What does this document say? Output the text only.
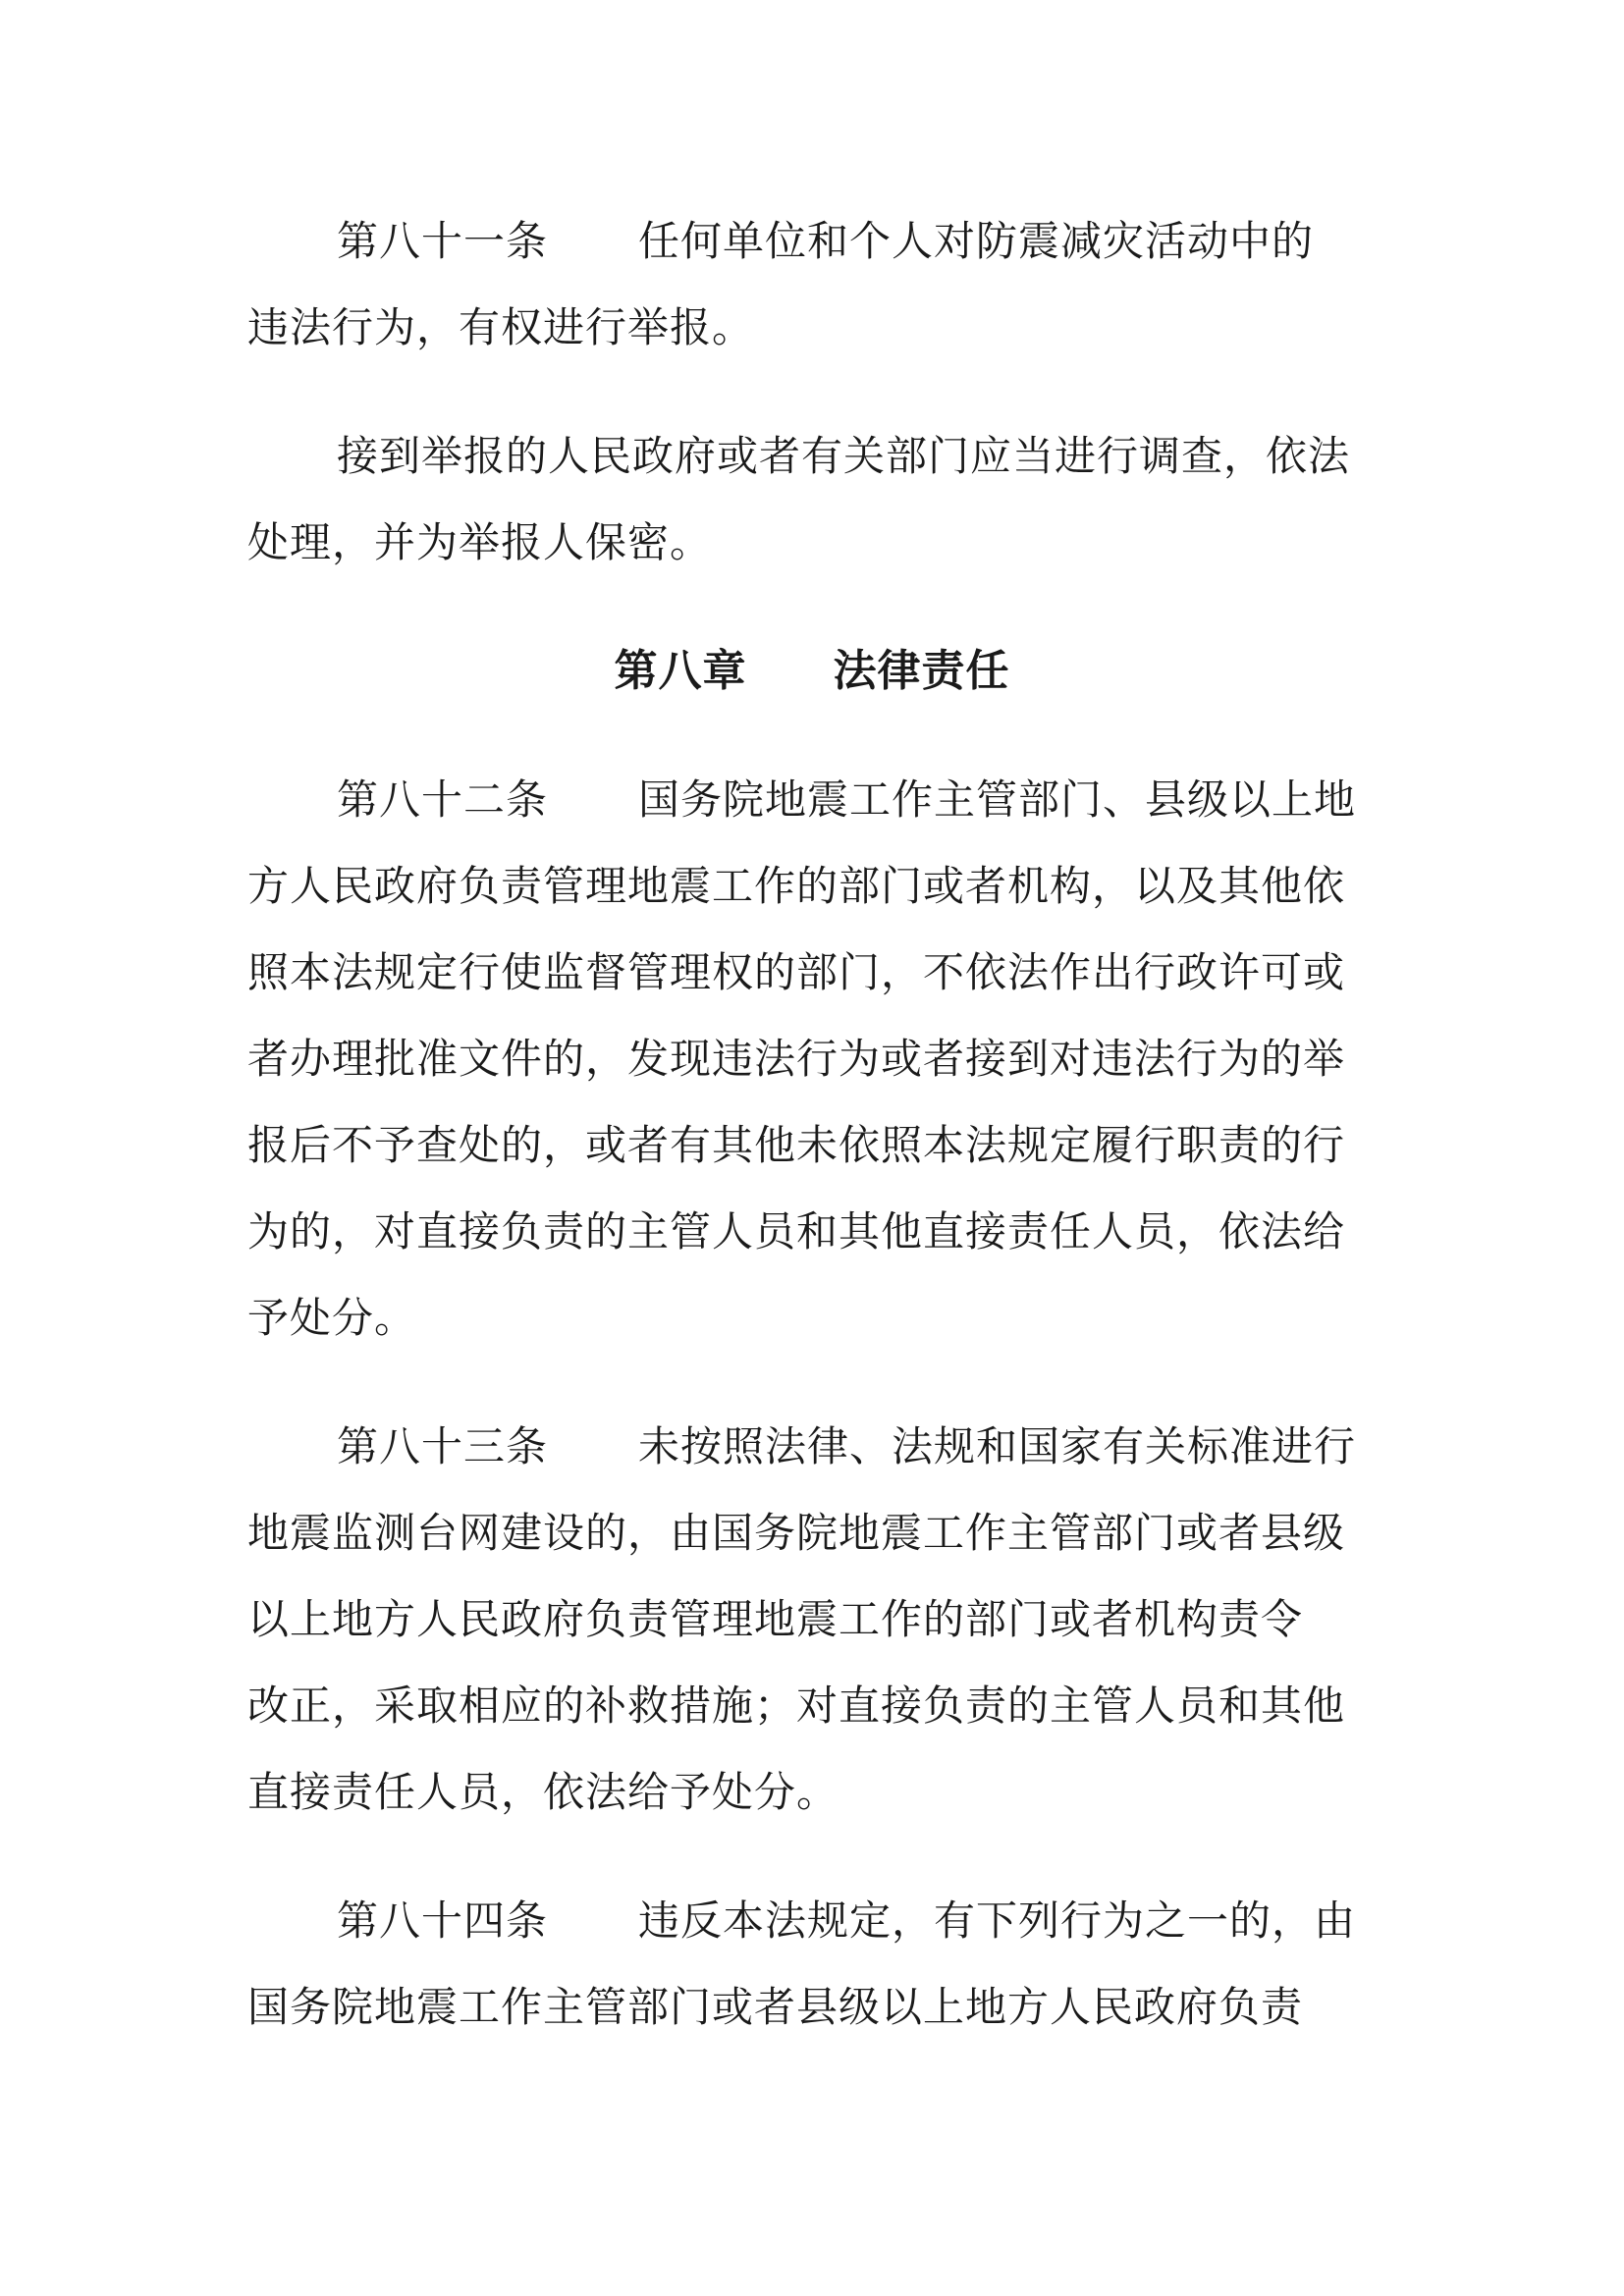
第八十一条 任何单位和个人对防震减灾活动中的
违法行为，有权进行举报。
接到举报的人民政府或者有关部门应当进行调查，依法
处理，并为举报人保密。
第八章 法律责任
第八十二条 国务院地震工作主管部门、县级以上地
方人民政府负责管理地震工作的部门或者机构，以及其他依
照本法规定行使监督管理权的部门，不依法作出行政许可或
者办理批准文件的，发现违法行为或者接到对违法行为的举
报后不予查处的，或者有其他未依照本法规定履行职责的行
为的，对直接负责的主管人员和其他直接责任人员，依法给
予处分。
第八十三条 未按照法律、法规和国家有关标准进行
地震监测台网建设的，由国务院地震工作主管部门或者县级
以上地方人民政府负责管理地震工作的部门或者机构责令
改正，采取相应的补救措施；对直接负责的主管人员和其他
直接责任人员，依法给予处分。
第八十四条 违反本法规定，有下列行为之一的，由
国务院地震工作主管部门或者县级以上地方人民政府负责
